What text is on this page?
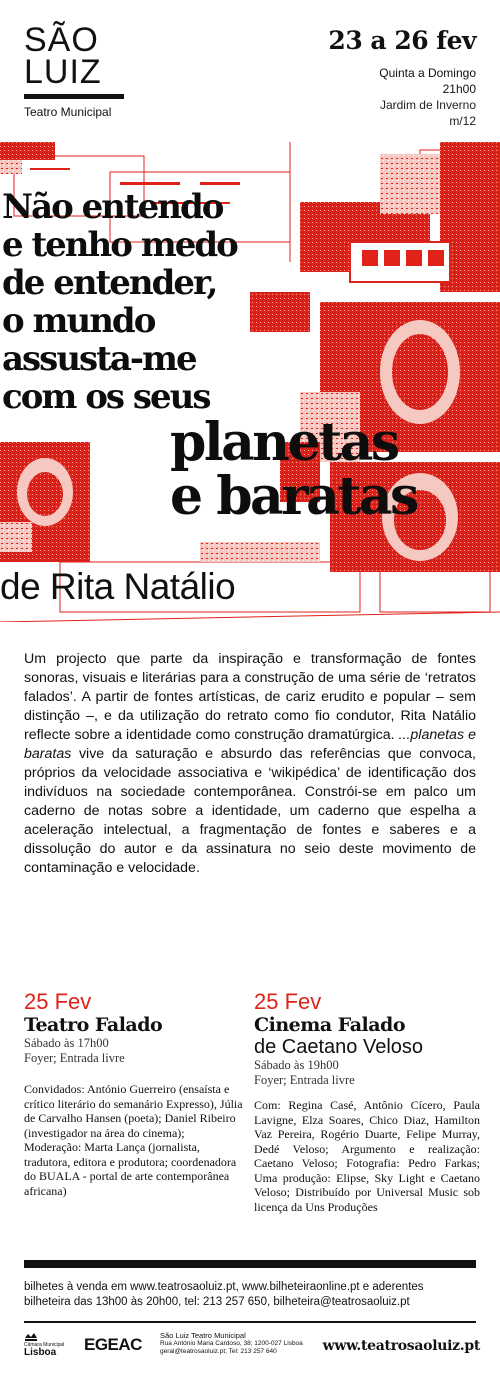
SÃO
LUIZ
Teatro Municipal
23 a 26 fev
Quinta a Domingo
21h00
Jardim de Inverno
m/12
Não entendo
e tenho medo
de entender,
o mundo
assusta-me
com os seus
planetas
e baratas
de Rita Natálio

Um projecto que parte da inspiração e transformação de fontes sonoras, visuais e literárias para a construção de uma série de ‘retratos falados’. A partir de fontes artísticas, de cariz erudito e popular – sem distinção –, e da utilização do retrato como fio condutor, Rita Natálio reflecte sobre a identidade como construção dramatúrgica. ...planetas e baratas vive da saturação e absurdo das referências que convoca, próprios da velocidade associativa e ‘wikipédica’ de identificação dos indivíduos na sociedade contemporânea. Constrói-se em palco um caderno de notas sobre a identidade, um caderno que espelha a aceleração intelectual, a fragmentação de fontes e saberes e a dissolução do autor e da assinatura no seio deste movimento de contaminação e velocidade.

25 Fev
Teatro Falado
Sábado às 17h00
Foyer; Entrada livre
Convidados: António Guerreiro (ensaísta e crítico literário do semanário Expresso), Júlia de Carvalho Hansen (poeta); Daniel Ribeiro (investigador na área do cinema); Moderação: Marta Lança (jornalista, tradutora, editora e produtora; coordenadora do BUALA - portal de arte contemporânea africana)
25 Fev
Cinema Falado
de Caetano Veloso
Sábado às 19h00
Foyer; Entrada livre
Com: Regina Casé, Antônio Cícero, Paula Lavigne, Elza Soares, Chico Diaz, Hamilton Vaz Pereira, Rogério Duarte, Felipe Murray, Dedé Veloso; Argumento e realização: Caetano Veloso; Fotografia: Pedro Farkas; Uma produção: Elipse, Sky Light e Caetano Veloso; Distribuído por Universal Music sob licença da Uns Produções
bilhetes à venda em www.teatrosaoluiz.pt, www.bilheteiraonline.pt e aderentes
bilheteira das 13h00 às 20h00, tel: 213 257 650, bilheteira@teatrosaoluiz.pt
Câmara Municipal
Lisboa	EGEAC São Luiz Teatro Municipal
Rua António Maria Cardoso, 38; 1200-027 Lisboa
geral@teatrosaoluiz.pt; Tel: 213 257 640	www.teatrosaoluiz.pt
